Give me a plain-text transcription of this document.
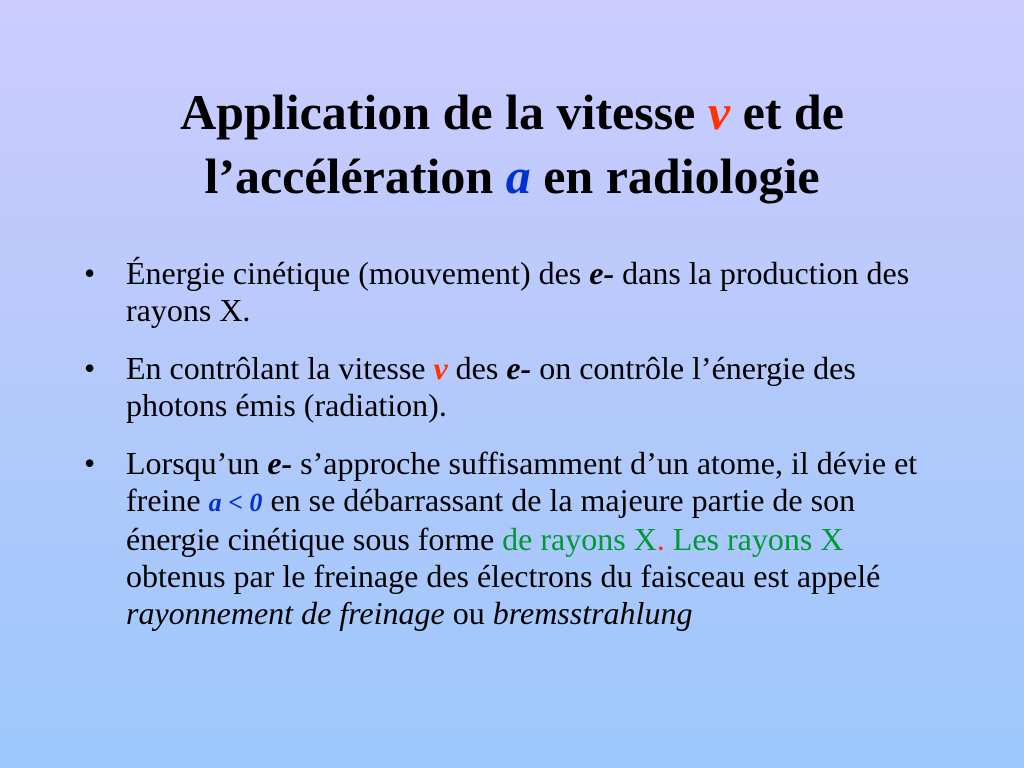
Application de la vitesse v et de
l’accélération a en radiologie
• Énergie cinétique (mouvement) des e- dans la production des rayons X.
• En contrôlant la vitesse v des e- on contrôle l’énergie des photons émis (radiation).
• Lorsqu’un e- s’approche suffisamment d’un atome, il dévie et freine a < 0 en se débarrassant de la majeure partie de son énergie cinétique sous forme de rayons X. Les rayons X obtenus par le freinage des électrons du faisceau est appelé rayonnement de freinage ou bremsstrahlung
